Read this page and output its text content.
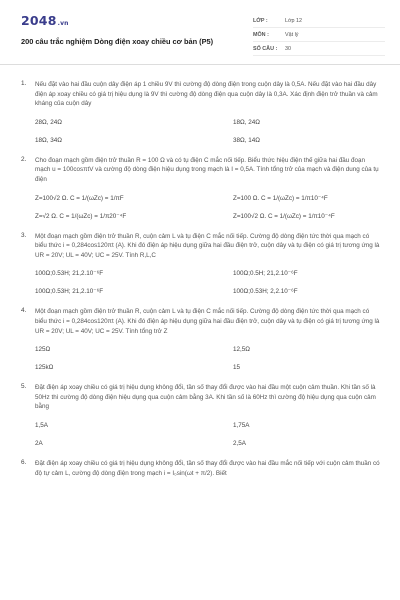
2048.vn
200 câu trắc nghiệm Dòng điện xoay chiều cơ bản (P5)
LỚP :	Lớp 12
MÔN :	Vật lý
SỐ CÂU :	30
1. Nếu đặt vào hai đầu cuộn dây điện áp 1 chiều 9V thì cường độ dòng điện trong cuộn dây là 0,5A. Nếu đặt vào hai đầu dây điện áp xoay chiều có giá trị hiệu dụng là 9V thì cường độ dòng điện qua cuộn dây là 0,3A. Xác định điện trở thuần và cảm kháng của cuộn dây
28Ω, 24Ω	18Ω, 24Ω
18Ω, 34Ω	38Ω, 14Ω
2. Cho đoạn mạch gồm điện trở thuần R = 100 Ω và có tụ điện C mắc nối tiếp. Biểu thức hiệu điện thế giữa hai đầu đoạn mạch u = 100cosπtV và cường độ dòng điện hiệu dụng trong mạch là I = 0,5A. Tính tổng trở của mạch và điện dung của tụ điện
Z=100√2 Ω. C = 1/(ωZc) = 1/πF	Z=100 Ω. C = 1/(ωZc) = 1/π10⁻⁴F
Z=√2 Ω. C = 1/(ωZc) = 1/π20⁻⁴F	Z=100√2 Ω. C = 1/(ωZc) = 1/π10⁻⁴F
3. Một đoạn mạch gồm điện trở thuần R, cuộn cảm L và tụ điện C mắc nối tiếp. Cường độ dòng điện tức thời qua mạch có biểu thức i = 0,284cos120πt (A). Khi đó điện áp hiệu dụng giữa hai đầu điện trở, cuộn dây và tụ điện có giá trị tương ứng là UR = 20V; UL = 40V; UC = 25V. Tính R,L,C
100Ω;0.53H; 21,2.10⁻⁶F	100Ω;0.5H; 21,2.10⁻⁶F
100Ω;0.53H; 21,2.10⁻⁶F	100Ω;0.53H; 2,2.10⁻⁶F
4. Một đoạn mạch gồm điện trở thuần R, cuộn cảm L và tụ điện C mắc nối tiếp. Cường độ dòng điện tức thời qua mạch có biểu thức i = 0,284cos120πt (A). Khi đó điện áp hiệu dụng giữa hai đầu điện trở, cuộn dây và tụ điện có giá trị tương ứng là UR = 20V; UL = 40V; UC = 25V. Tính tổng trở Z
125Ω	12,5Ω
125kΩ	15
5. Đặt điện áp xoay chiều có giá trị hiệu dụng không đổi, tần số thay đổi được vào hai đầu một cuộn cảm thuần. Khi tần số là 50Hz thì cường độ dòng điện hiệu dụng qua cuộn cảm bằng 3A. Khi tần số là 60Hz thì cường độ hiệu dụng qua cuộn cảm bằng
1,5A	1,75A
2A	2,5A
6. Đặt điện áp xoay chiều có giá trị hiệu dụng không đổi, tần số thay đổi được vào hai đầu mắc nối tiếp với cuộn cảm thuần có độ tự cảm L, cường độ dòng điện trong mạch i = I₀sin(ωt + π/2). Biết
